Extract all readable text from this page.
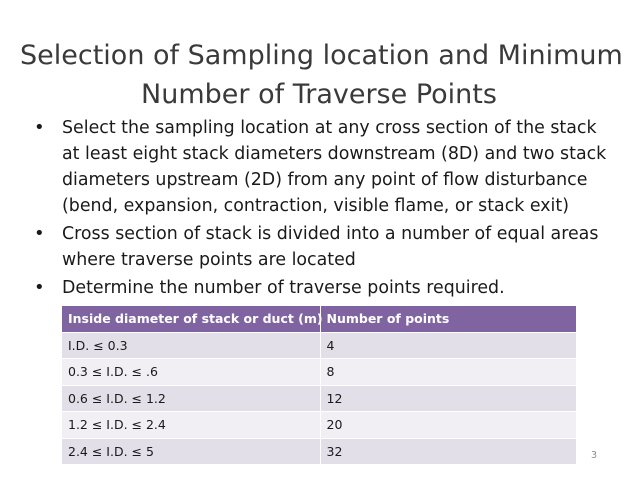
Selection of Sampling location and Minimum
Number of Traverse Points
• Select the sampling location at any cross section of the stack
at least eight stack diameters downstream (8D) and two stack
diameters upstream (2D) from any point of flow disturbance
(bend, expansion, contraction, visible flame, or stack exit)
• Cross section of stack is divided into a number of equal areas
where traverse points are located
• Determine the number of traverse points required.
Inside diameter of stack or duct (m)	Number of points
I.D. ≤ 0.3	4
0.3 ≤ I.D. ≤ .6	8
0.6 ≤ I.D. ≤ 1.2	12
1.2 ≤ I.D. ≤ 2.4	20
2.4 ≤ I.D. ≤ 5	32	3
